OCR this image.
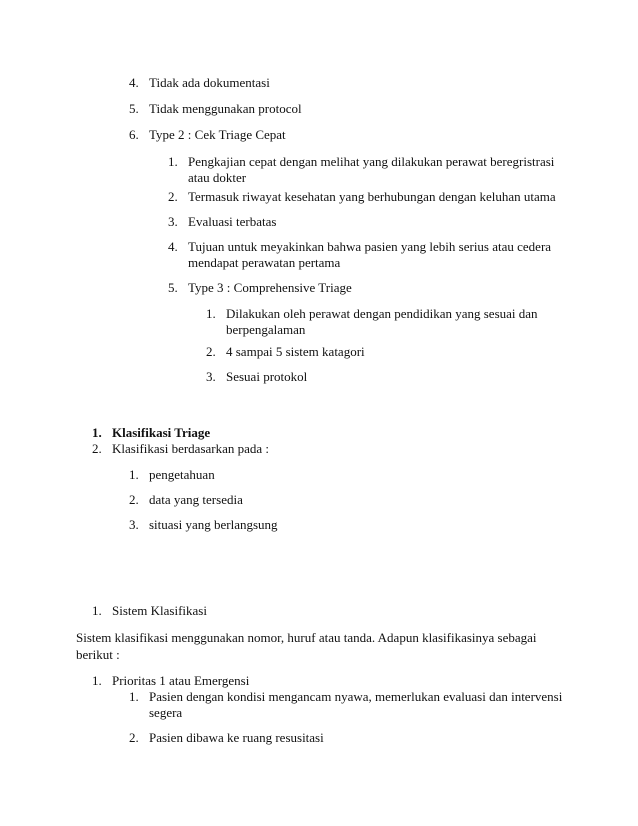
4. Tidak ada dokumentasi
5. Tidak menggunakan protocol
6. Type 2 : Cek Triage Cepat
1. Pengkajian cepat dengan melihat yang dilakukan perawat beregristrasi
atau dokter
2. Termasuk riwayat kesehatan yang berhubungan dengan keluhan utama
3. Evaluasi terbatas
4. Tujuan untuk meyakinkan bahwa pasien yang lebih serius atau cedera
mendapat perawatan pertama
5. Type 3 : Comprehensive Triage
1. Dilakukan oleh perawat dengan pendidikan yang sesuai dan
berpengalaman
2. 4 sampai 5 sistem katagori
3. Sesuai protokol
1. Klasifikasi Triage
2. Klasifikasi berdasarkan pada :
1. pengetahuan
2. data yang tersedia
3. situasi yang berlangsung
1. Sistem Klasifikasi
Sistem klasifikasi menggunakan nomor, huruf atau tanda. Adapun klasifikasinya sebagai
berikut :
1. Prioritas 1 atau Emergensi
1. Pasien dengan kondisi mengancam nyawa, memerlukan evaluasi dan intervensi
segera
2. Pasien dibawa ke ruang resusitasi
